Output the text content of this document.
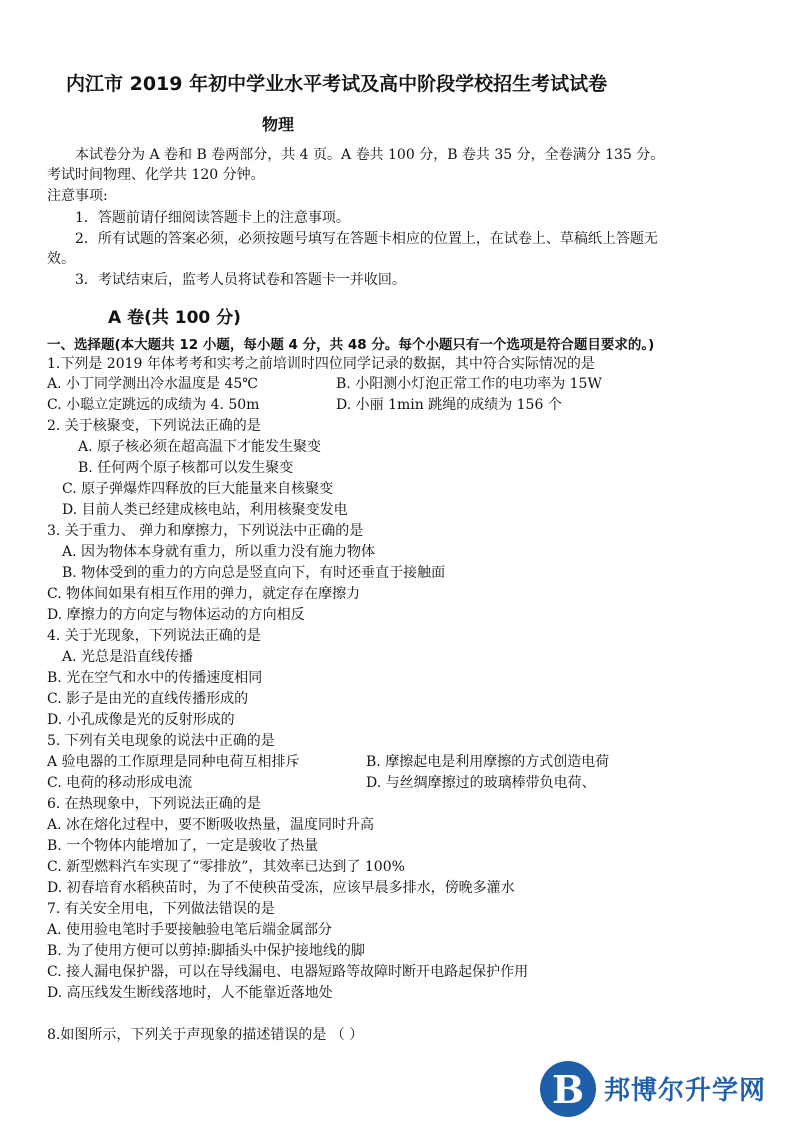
内江市 2019 年初中学业水平考试及高中阶段学校招生考试试卷
物理
本试卷分为 A 卷和 B 卷两部分，共 4 页。A 卷共 100 分，B 卷共 35 分，全卷满分 135 分。
考试时间物理、化学共 120 分钟。
注意事项:
1．答题前请仔细阅读答题卡上的注意事项。
2．所有试题的答案必须，必须按题号填写在答题卡相应的位置上，在试卷上、草稿纸上答题无
效。
3．考试结束后，监考人员将试卷和答题卡一并收回。
A 卷(共 100 分)
一、选择题(本大题共 12 小题，每小题 4 分，共 48 分。每个小题只有一个选项是符合题目要求的。)
1.下列是 2019 年体考考和实考之前培训时四位同学记录的数据，其中符合实际情况的是
A. 小丁同学测出冷水温度是 45℃	B. 小阳测小灯泡正常工作的电功率为 15W
C. 小聪立定跳远的成绩为 4. 50m	D. 小丽 1min 跳绳的成绩为 156 个
2. 关于核聚变，下列说法正确的是
A. 原子核必须在超高温下才能发生聚变
B. 任何两个原子核都可以发生聚变
C. 原子弹爆炸四释放的巨大能量来自核聚变
D. 目前人类已经建成核电站，利用核聚变发电
3. 关于重力、 弹力和摩擦力，下列说法中正确的是
A. 因为物体本身就有重力，所以重力没有施力物体
B. 物体受到的重力的方向总是竖直向下，有时还垂直于接触面
C. 物体间如果有相互作用的弹力，就定存在摩擦力
D. 摩擦力的方向定与物体运动的方向相反
4. 关于光现象，下列说法正确的是
A. 光总是沿直线传播
B. 光在空气和水中的传播速度相同
C. 影子是由光的直线传播形成的
D. 小孔成像是光的反射形成的
5. 下列有关电现象的说法中正确的是
A 验电器的工作原理是同种电荷互相排斥	B. 摩擦起电是利用摩擦的方式创造电荷
C. 电荷的移动形成电流	D. 与丝绸摩擦过的玻璃棒带负电荷、
6. 在热现象中，下列说法正确的是
A. 冰在熔化过程中，要不断吸收热量，温度同时升高
B. 一个物体内能增加了，一定是骏收了热量
C. 新型燃料汽车实现了“零排放”，其效率已达到了 100%
D. 初春培育水稻秧苗时，为了不使秧苗受冻，应该早晨多排水，傍晚多灌水
7. 有关安全用电，下列做法错误的是
A. 使用验电笔时手要接触验电笔后端金属部分
B. 为了使用方便可以剪掉:脚插头中保护接地线的脚
C. 接人漏电保护器，可以在导线漏电、电器短路等故障时断开电路起保护作用
D. 高压线发生断线落地时，人不能靠近落地处
8.如图所示，下列关于声现象的描述错误的是 （ ）
B 邦博尔升学网
